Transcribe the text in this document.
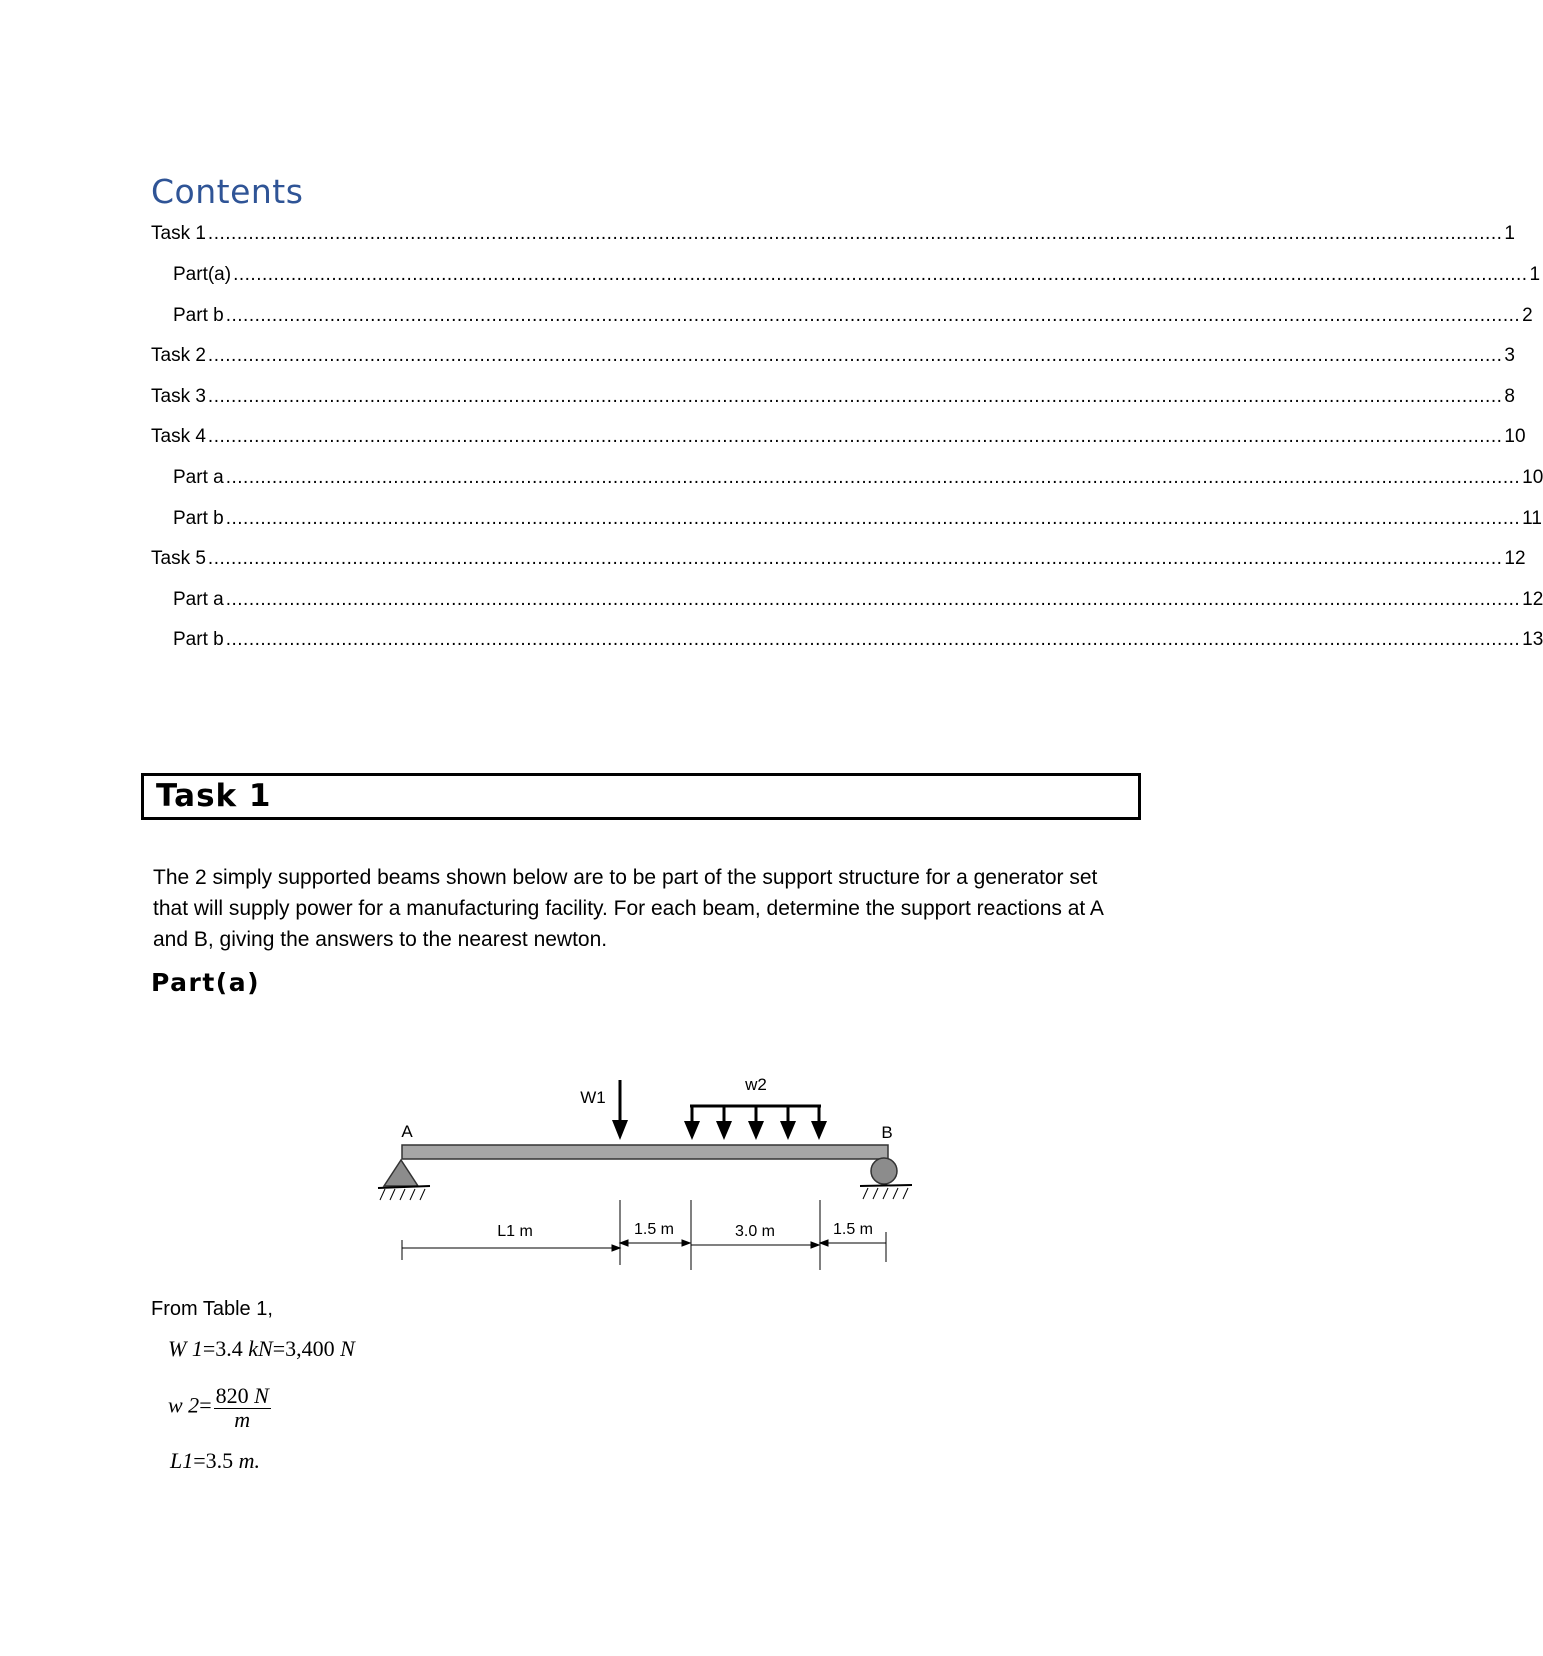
Contents
Task 1 ................................................................................................................................................................................................................................ 1
Part(a) ................................................................................................................................................................................................................................ 1
Part b ................................................................................................................................................................................................................................ 2
Task 2 ................................................................................................................................................................................................................................ 3
Task 3 ................................................................................................................................................................................................................................ 8
Task 4 ................................................................................................................................................................................................................................ 10
Part a ................................................................................................................................................................................................................................ 10
Part b ................................................................................................................................................................................................................................ 11
Task 5 ................................................................................................................................................................................................................................ 12
Part a ................................................................................................................................................................................................................................ 12
Part b ................................................................................................................................................................................................................................ 13
Task 1

The 2 simply supported beams shown below are to be part of the support structure for a generator set that will supply power for a manufacturing facility. For each beam, determine the support reactions at A and B, giving the answers to the nearest newton.

Part(a)
A	B
W1
w2
L1 m	1.5 m	3.0 m	1.5 m
From Table 1,
W 1=3.4 kN=3,400 N
w $2= \frac{820 N}{m}$
L1=3.5 m.
